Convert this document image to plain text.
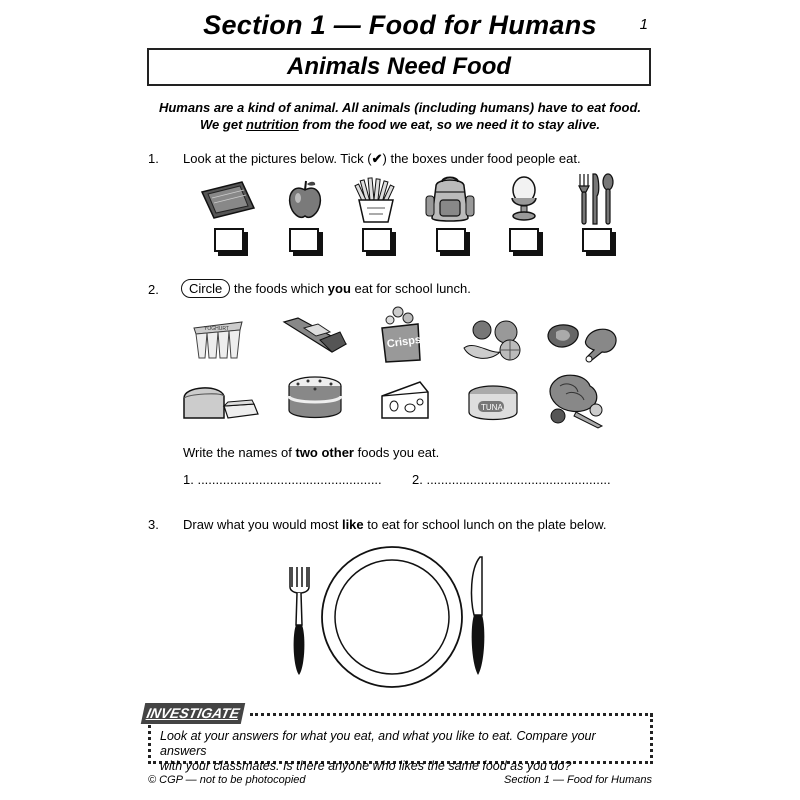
Section 1 — Food for Humans	1
Animals Need Food
Humans are a kind of animal. All animals (including humans) have to eat food.
We get nutrition from the food we eat, so we need it to stay alive.
1. Look at the pictures below. Tick (✔) the boxes under food people eat.
2.	Circle the foods which you eat for school lunch.
YOGHURT
Crisps
TUNA
Write the names of two other foods you eat.
1. ................................................... 2. ...................................................
3. Draw what you would most like to eat for school lunch on the plate below.
INVESTIGATE
Look at your answers for what you eat, and what you like to eat. Compare your answers
with your classmates. Is there anyone who likes the same food as you do?
© CGP — not to be photocopied	Section 1 — Food for Humans
